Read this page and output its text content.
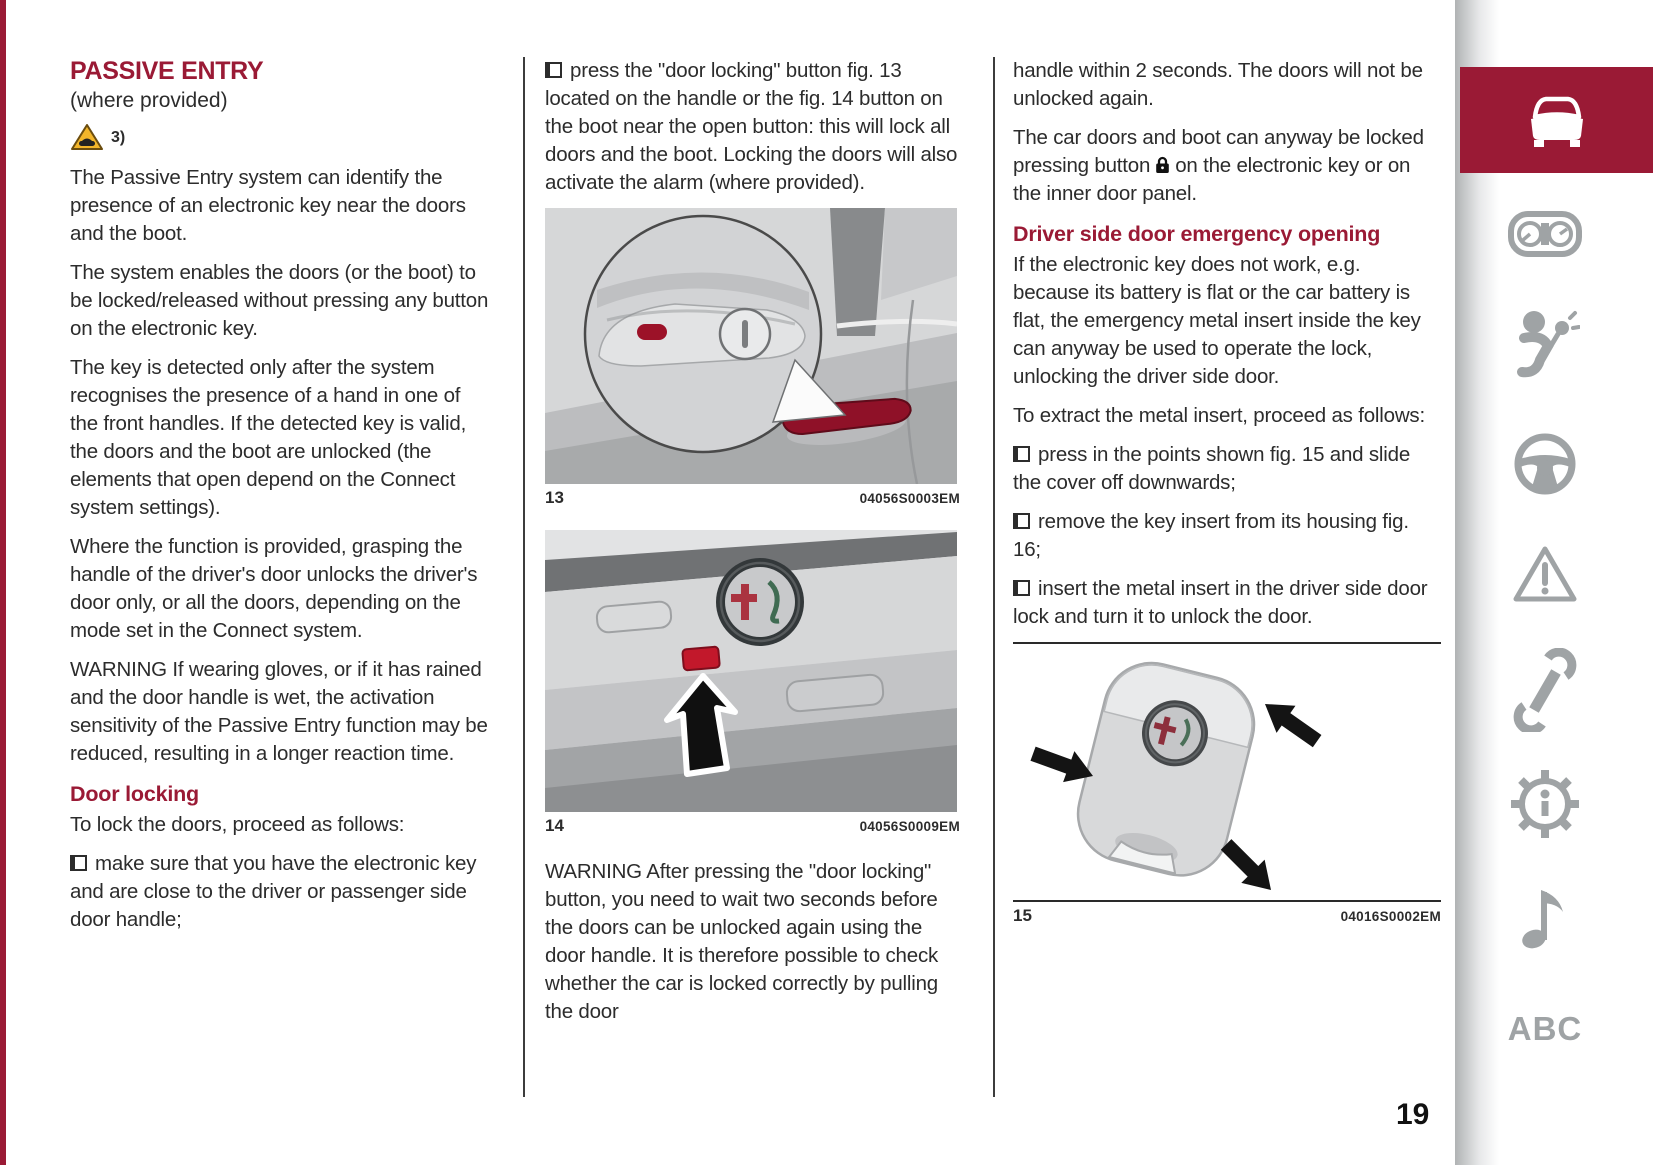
PASSIVE ENTRY
(where provided)
3)

The Passive Entry system can identify the presence of an electronic key near the doors and the boot.

The system enables the doors (or the boot) to be locked/released without pressing any button on the electronic key.

The key is detected only after the system recognises the presence of a hand in one of the front handles. If the detected key is valid, the doors and the boot are unlocked (the elements that open depend on the Connect system settings).

Where the function is provided, grasping the handle of the driver's door unlocks the driver's door only, or all the doors, depending on the mode set in the Connect system.

WARNING If wearing gloves, or if it has rained and the door handle is wet, the activation sensitivity of the Passive Entry function may be reduced, resulting in a longer reaction time.

Door locking

To lock the doors, proceed as follows:

make sure that you have the electronic key and are close to the driver or passenger side door handle;

press the "door locking" button fig. 13 located on the handle or the fig. 14 button on the boot near the open button: this will lock all doors and the boot. Locking the doors will also activate the alarm (where provided).

13	04056S0003EM
14	04056S0009EM

WARNING After pressing the "door locking" button, you need to wait two seconds before the doors can be unlocked again using the door handle. It is therefore possible to check whether the car is locked correctly by pulling the door

handle within 2 seconds. The doors will not be unlocked again.

The car doors and boot can anyway be locked pressing button on the electronic key or on the inner door panel.

Driver side door emergency opening

If the electronic key does not work, e.g. because its battery is flat or the car battery is flat, the emergency metal insert inside the key can anyway be used to operate the lock, unlocking the driver side door.

To extract the metal insert, proceed as follows:

press in the points shown fig. 15 and slide the cover off downwards;

remove the key insert from its housing fig. 16;

insert the metal insert in the driver side door lock and turn it to unlock the door.

15	04016S0002EM
ABC
19
